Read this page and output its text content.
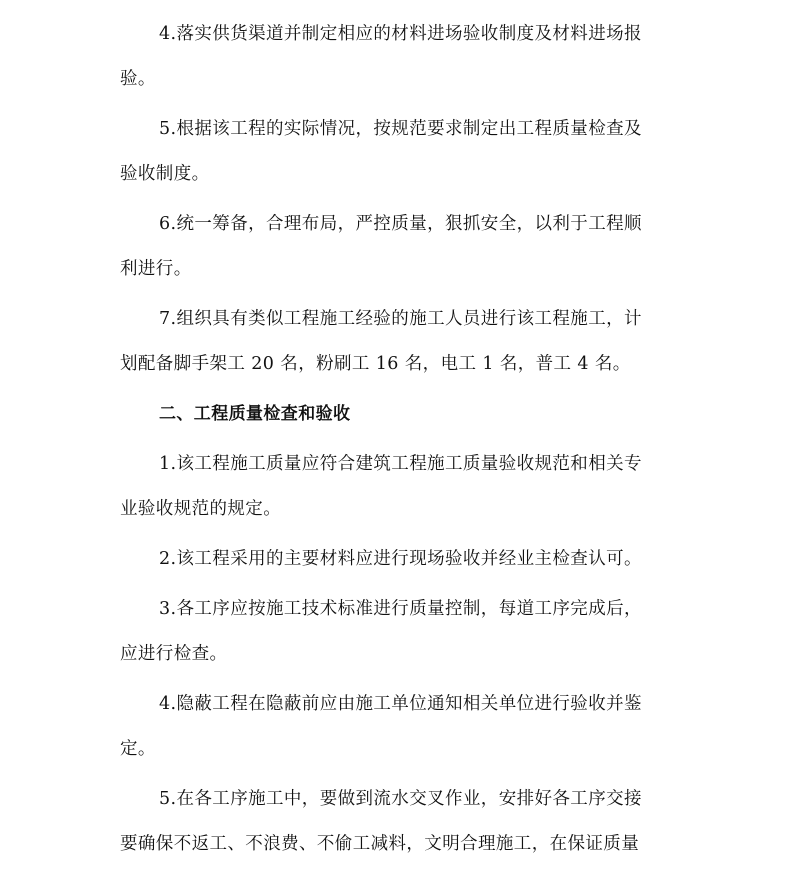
4.落实供货渠道并制定相应的材料进场验收制度及材料进场报
验。
5.根据该工程的实际情况，按规范要求制定出工程质量检查及
验收制度。
6.统一筹备，合理布局，严控质量，狠抓安全，以利于工程顺
利进行。
7.组织具有类似工程施工经验的施工人员进行该工程施工，计
划配备脚手架工 20 名，粉刷工 16 名，电工 1 名，普工 4 名。
二、工程质量检查和验收
1.该工程施工质量应符合建筑工程施工质量验收规范和相关专
业验收规范的规定。
2.该工程采用的主要材料应进行现场验收并经业主检查认可。
3.各工序应按施工技术标准进行质量控制，每道工序完成后，
应进行检查。
4.隐蔽工程在隐蔽前应由施工单位通知相关单位进行验收并鉴
定。
5.在各工序施工中，要做到流水交叉作业，安排好各工序交接
要确保不返工、不浪费、不偷工减料，文明合理施工，在保证质量
